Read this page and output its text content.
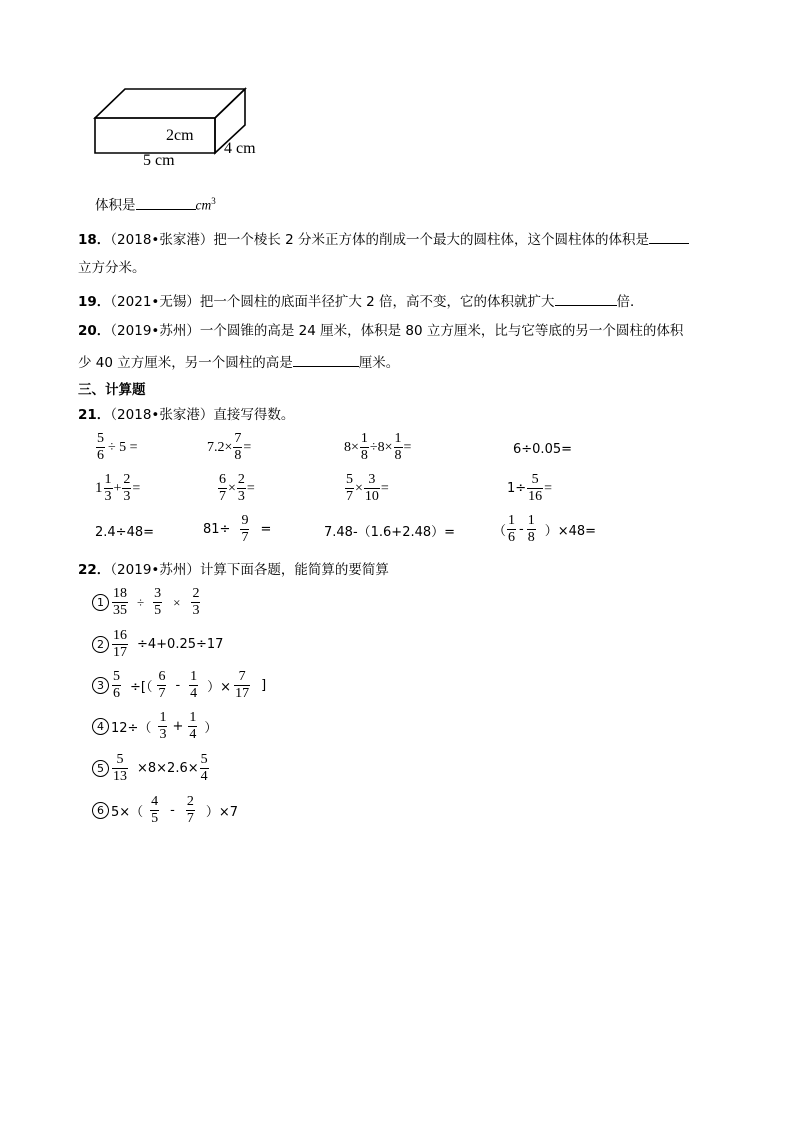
2cm
4 cm
5 cm
体积是	$cm^3$
18．（2018•张家港）把一个棱长 2 分米正方体的削成一个最大的圆柱体，这个圆柱体的体积是
立方分米。
19．（2021•无锡）把一个圆柱的底面半径扩大 2 倍，高不变，它的体积就扩大	倍．
20．（2019•苏州）一个圆锥的高是 24 厘米，体积是 80 立方厘米，比与它等底的另一个圆柱的体积
少 40 立方厘米，另一个圆柱的高是	厘米。
三、计算题
21．（2018•张家港）直接写得数。
$\frac{5}{6} \div 5$ =	$7.2\times \frac{7}{8}$ =	$8\times \frac{1}{8} \div 8\times \frac{1}{8}$ =	6÷0.05=
$1 \frac{1}{3} + \frac{2}{3}$ =	$\frac{6}{7} \times \frac{2}{3}$ =	$\frac{5}{7} \times \frac{3}{10}$ =	$1\div \frac{5}{16}$ =
2.4÷48=	$81\div \frac{9}{7}$ =	7.48-（1.6+2.48）=	（ $\frac{1}{6} - \frac{1}{8} )\times 48=$
22．（2019•苏州）计算下面各题，能简算的要简算
$1 \frac{18}{35} \div \frac{3}{5} \times \frac{2}{3}$
$2 \frac{16}{17} \div 4+0.25\div 17$
$3 \frac{5}{6}$ ÷[（ $\frac{6}{7} - \frac{1}{4}$ ）× $\frac{7}{17}$ ]
4 $12\div( \frac{1}{3} + \frac{1}{4}$ ）
$5 \frac{5}{13} \times 8\times 2.6\times \frac{5}{4}$
6 $5\times( \frac{4}{5} - \frac{2}{7} )\times 7$
